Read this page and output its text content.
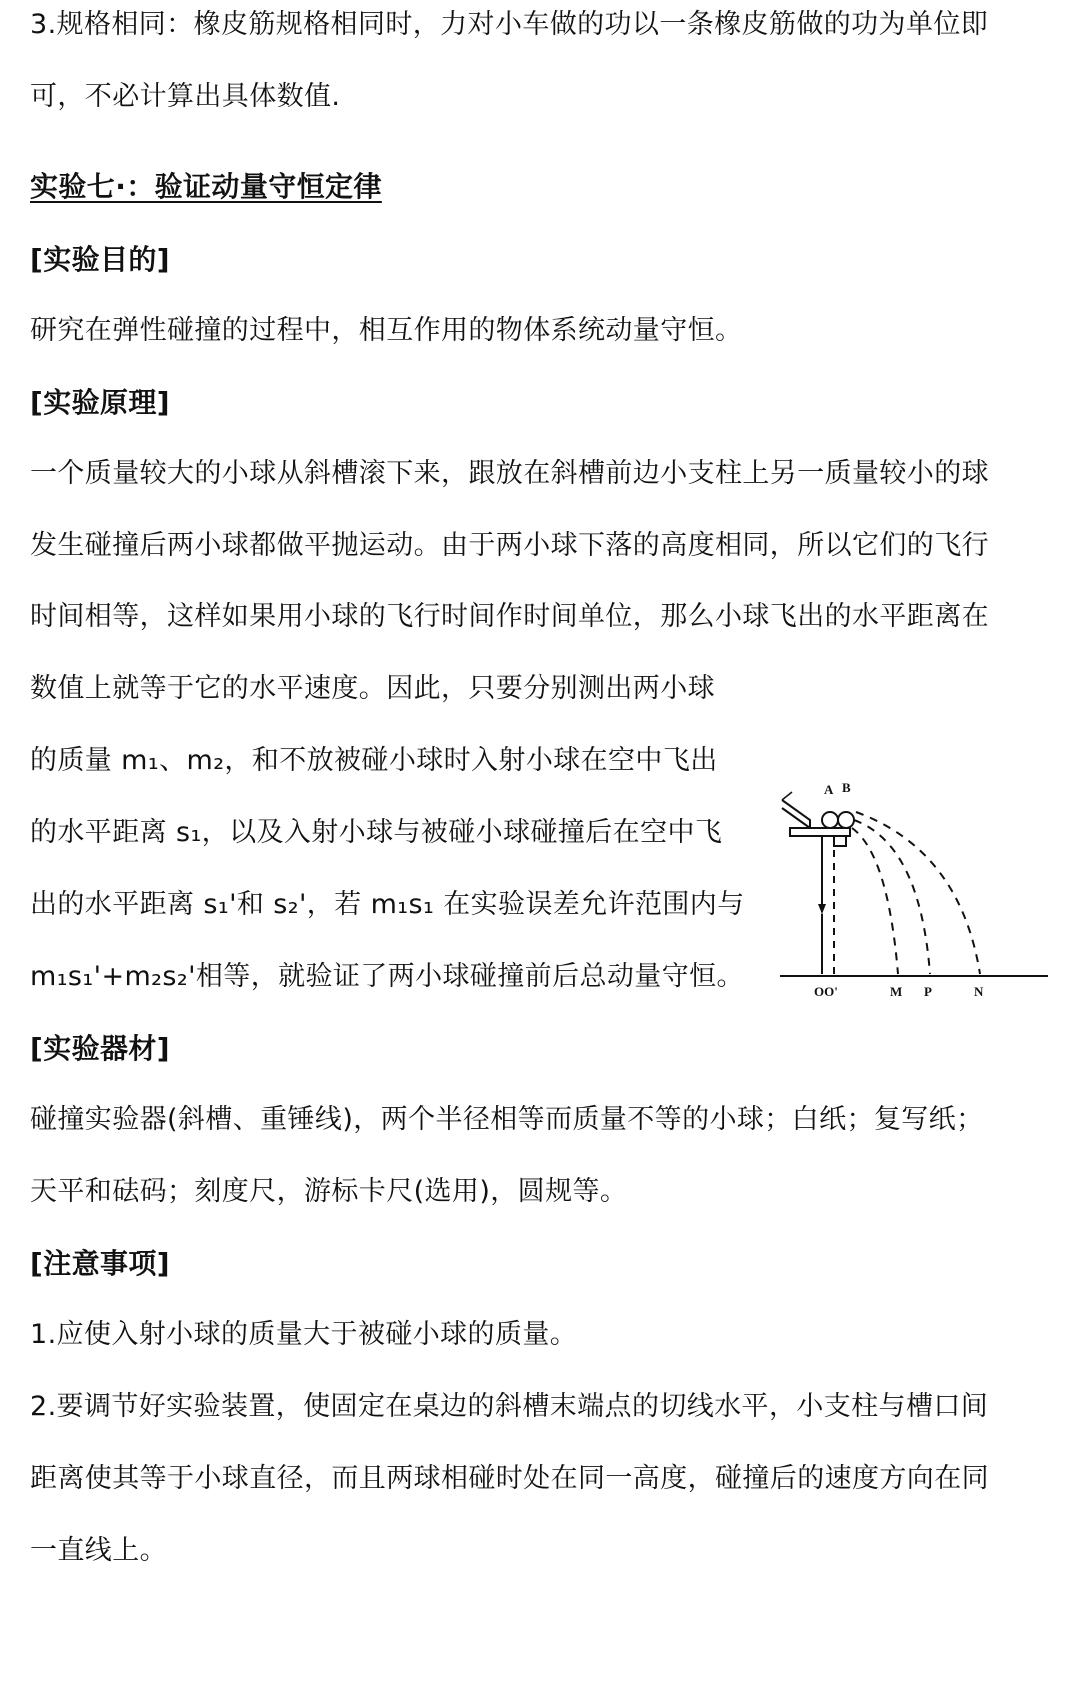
3.规格相同：橡皮筋规格相同时，力对小车做的功以一条橡皮筋做的功为单位即
可，不必计算出具体数值.
实验七·：验证动量守恒定律
[实验目的]
研究在弹性碰撞的过程中，相互作用的物体系统动量守恒。
[实验原理]
一个质量较大的小球从斜槽滚下来，跟放在斜槽前边小支柱上另一质量较小的球
发生碰撞后两小球都做平抛运动。由于两小球下落的高度相同，所以它们的飞行
时间相等，这样如果用小球的飞行时间作时间单位，那么小球飞出的水平距离在
数值上就等于它的水平速度。因此，只要分别测出两小球
的质量 m₁、m₂，和不放被碰小球时入射小球在空中飞出
的水平距离 s₁，以及入射小球与被碰小球碰撞后在空中飞
出的水平距离 s₁'和 s₂'，若 m₁s₁ 在实验误差允许范围内与
m₁s₁'+m₂s₂'相等，就验证了两小球碰撞前后总动量守恒。
[实验器材]
碰撞实验器(斜槽、重锤线)，两个半径相等而质量不等的小球；白纸；复写纸；
天平和砝码；刻度尺，游标卡尺(选用)，圆规等。
[注意事项]
1.应使入射小球的质量大于被碰小球的质量。
2.要调节好实验装置，使固定在桌边的斜槽末端点的切线水平，小支柱与槽口间
距离使其等于小球直径，而且两球相碰时处在同一高度，碰撞后的速度方向在同
一直线上。
A B
OO'	M P	N
